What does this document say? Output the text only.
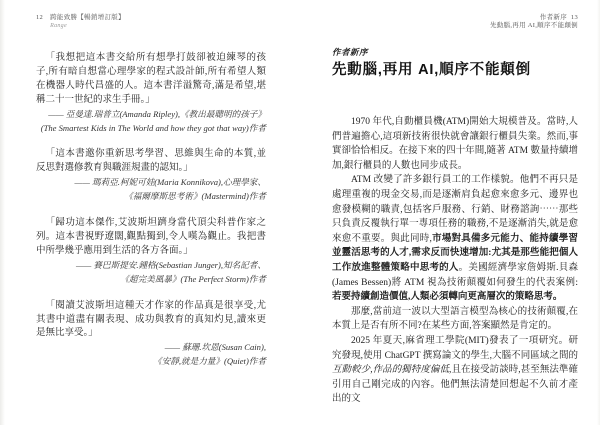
12 跨能致勝【暢銷增訂版】
Range

「我想把這本書交給所有想學打鼓卻被迫練琴的孩子,所有暗自想當心理學家的程式設計師,所有希望人類在機器人時代昌盛的人。這本書洋溢驚奇,滿是希望,堪稱二十一世紀的求生手冊。」

—— 亞曼達.瑞普立(Amanda Ripley),《教出最聰明的孩子》

(The Smartest Kids in The World and how they got that way)作者

「這本書邀你重新思考學習、思維與生命的本質,並反思對選修教育與職涯規畫的認知。」

—— 瑪莉亞.柯妮可娃(Maria Konnikova),心理學家、

《福爾摩斯思考術》(Mastermind)作者

「歸功這本傑作,艾波斯坦躋身當代頂尖科普作家之列。這本書視野遼闊,觀點獨到,令人嘆為觀止。我把書中所學幾乎應用到生活的各方各面。」

—— 賽巴斯提安.鍾格(Sebastian Junger),知名記者、

《超完美風暴》(The Perfect Storm)作者

「閱讀艾波斯坦這種天才作家的作品真是很享受,尤其書中道盡有關表現、成功與教育的真知灼見,讀來更是無比享受。」

—— 蘇珊.坎恩(Susan Cain),

《安靜,就是力量》(Quiet)作者

作者新序 13
先動腦,再用 AI,順序不能顛倒
作者新序
先動腦,再用 AI,順序不能顛倒

1970 年代,自動櫃員機(ATM)開始大規模普及。當時,人們普遍擔心,這項新技術很快就會讓銀行櫃員失業。然而,事實卻恰恰相反。在接下來的四十年間,隨著 ATM 數量持續增加,銀行櫃員的人數也同步成長。

ATM 改變了許多銀行員工的工作樣貌。他們不再只是處理重複的現金交易,而是逐漸肩負起愈來愈多元、邊界也愈發模糊的職責,包括客戶服務、行銷、財務諮詢⋯⋯那些只負責反覆執行單一專項任務的職務,不是逐漸消失,就是愈來愈不重要。與此同時,市場對具備多元能力、能持續學習並靈活思考的人才,需求反而快速增加:尤其是那些能把個人工作放進整體策略中思考的人。美國經濟學家詹姆斯.貝森(James Bessen)將 ATM 視為技術顛覆如何發生的代表案例:若要持續創造價值,人類必須轉向更高層次的策略思考。

那麼,當前這一波以大型語言模型為核心的技術顛覆,在本質上是否有所不同?在某些方面,答案顯然是肯定的。

2025 年夏天,麻省理工學院(MIT)發表了一項研究。研究發現,使用 ChatGPT 撰寫論文的學生,大腦不同區域之間的互動較少,作品的獨特度偏低,且在接受訪談時,甚至無法準確引用自己剛完成的內容。他們無法清楚回想起不久前才產出的文
